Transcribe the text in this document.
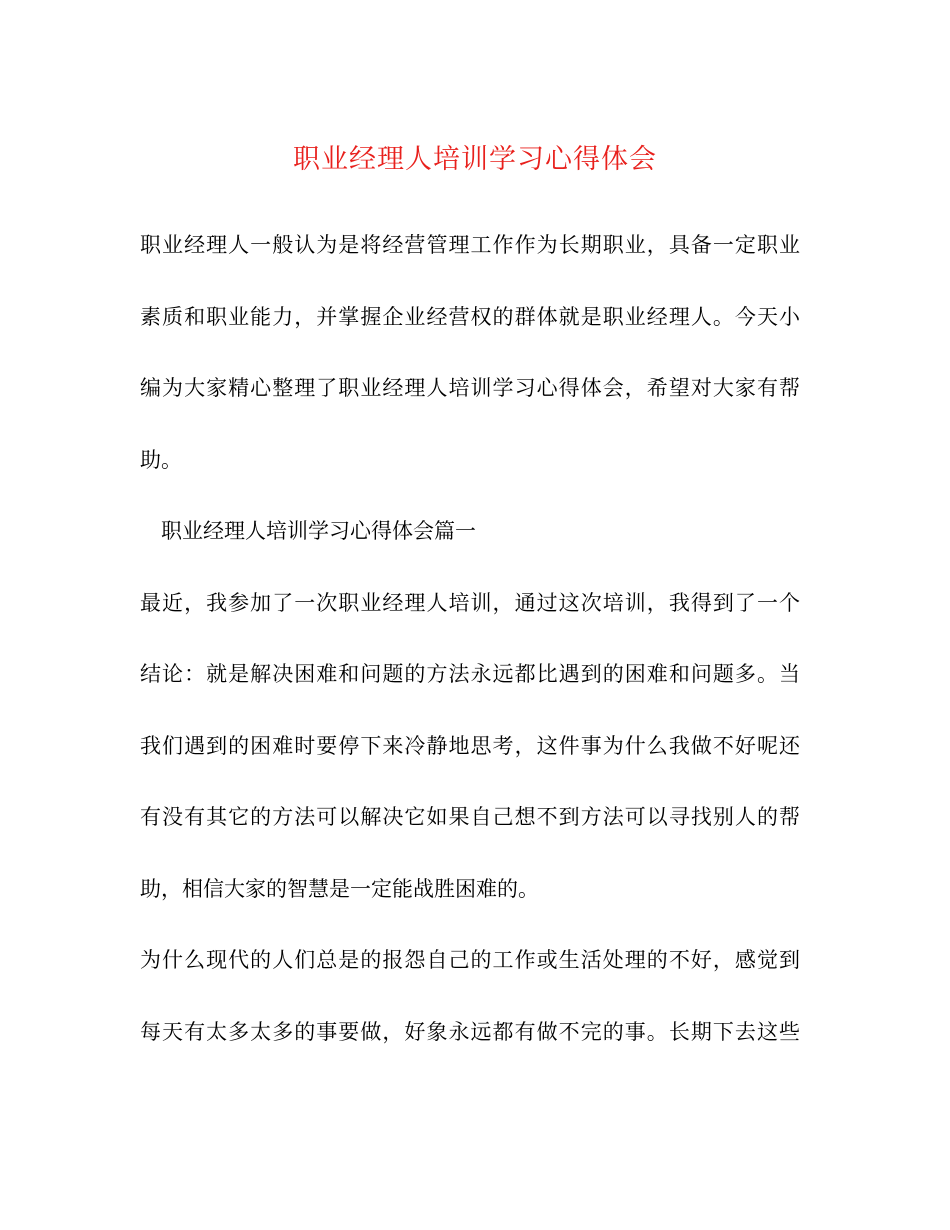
职业经理人培训学习心得体会
职业经理人一般认为是将经营管理工作作为长期职业，具备一定职业
素质和职业能力，并掌握企业经营权的群体就是职业经理人。今天小
编为大家精心整理了职业经理人培训学习心得体会，希望对大家有帮
助。
职业经理人培训学习心得体会篇一
最近，我参加了一次职业经理人培训，通过这次培训，我得到了一个
结论：就是解决困难和问题的方法永远都比遇到的困难和问题多。当
我们遇到的困难时要停下来冷静地思考，这件事为什么我做不好呢还
有没有其它的方法可以解决它如果自己想不到方法可以寻找别人的帮
助，相信大家的智慧是一定能战胜困难的。
为什么现代的人们总是的报怨自己的工作或生活处理的不好，感觉到
每天有太多太多的事要做，好象永远都有做不完的事。长期下去这些
